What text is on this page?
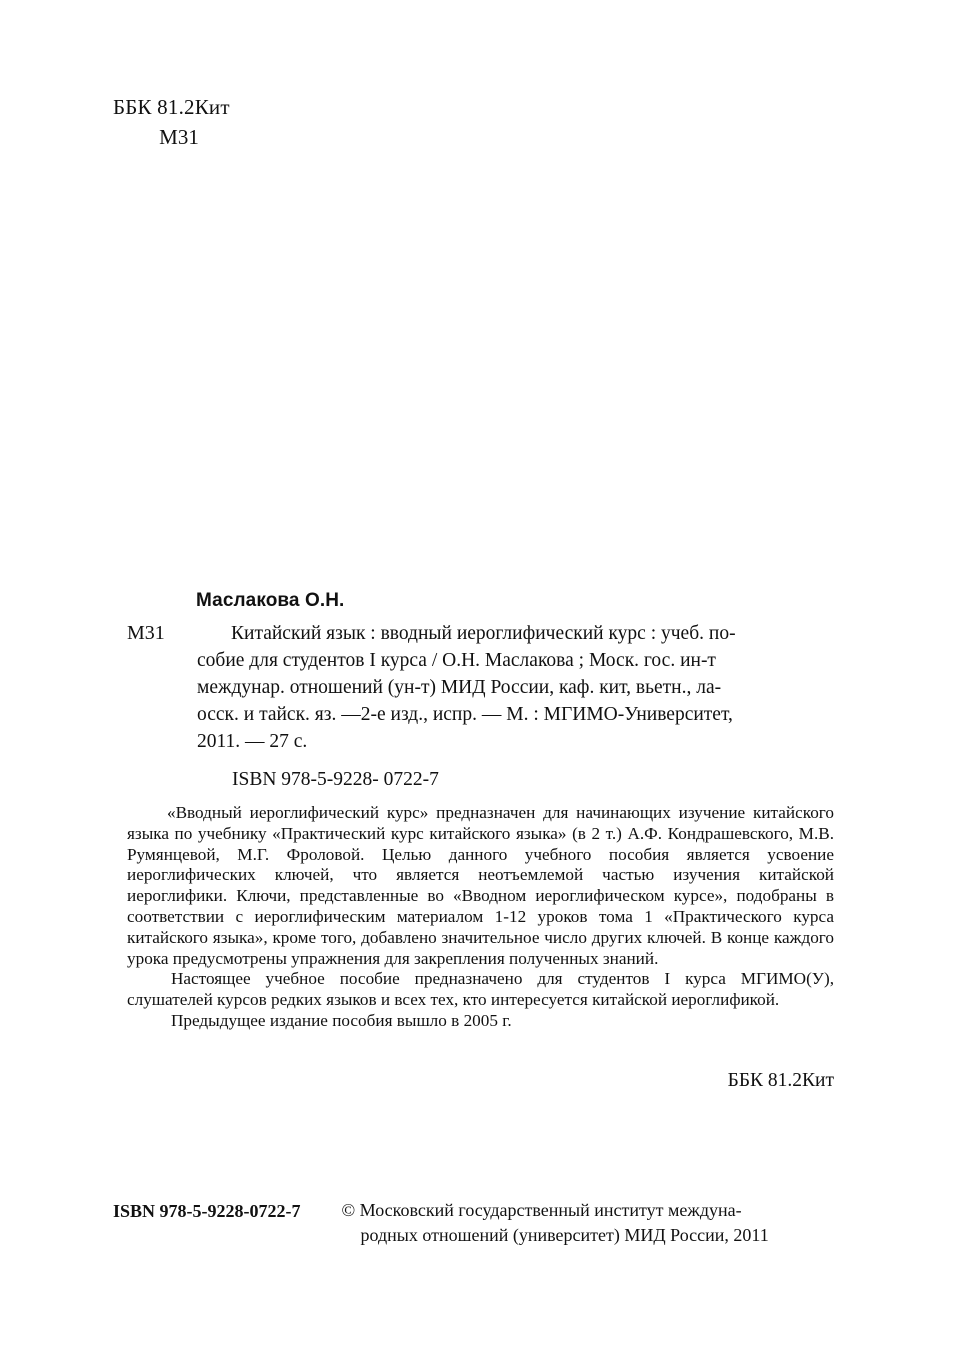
ББК 81.2Кит
М31
Маслакова О.Н.
М31	Китайский язык : вводный иероглифический курс : учеб. по-
собие для студентов I курса / О.Н. Маслакова ; Моск. гос. ин-т
междунар. отношений (ун-т) МИД России, каф. кит, вьетн., ла-
осск. и тайск. яз. —2-е изд., испр. — М. : МГИМО-Университет,
2011. — 27 с.
ISBN 978-5-9228- 0722-7

«Вводный иероглифический курс» предназначен для начинающих изучение китайского языка по учебнику «Практический курс китайского языка» (в 2 т.) А.Ф. Кондрашевского, М.В. Румянцевой, М.Г. Фроловой. Целью данного учебного пособия является усвоение иероглифических ключей, что является неотъемлемой частью изучения китайской иероглифики. Ключи, представленные во «Вводном иероглифическом курсе», подобраны в соответствии с иероглифическим материалом 1-12 уроков тома 1 «Практического курса китайского языка», кроме того, добавлено значительное число других ключей. В конце каждого урока предусмотрены упражнения для закрепления полученных знаний.

Настоящее учебное пособие предназначено для студентов I курса МГИМО(У), слушателей курсов редких языков и всех тех, кто интересуется китайской иероглификой.

Предыдущее издание пособия вышло в 2005 г.

ББК 81.2Кит
ISBN 978-5-9228-0722-7 © Московский государственный институт междуна-
родных отношений (университет) МИД России, 2011
